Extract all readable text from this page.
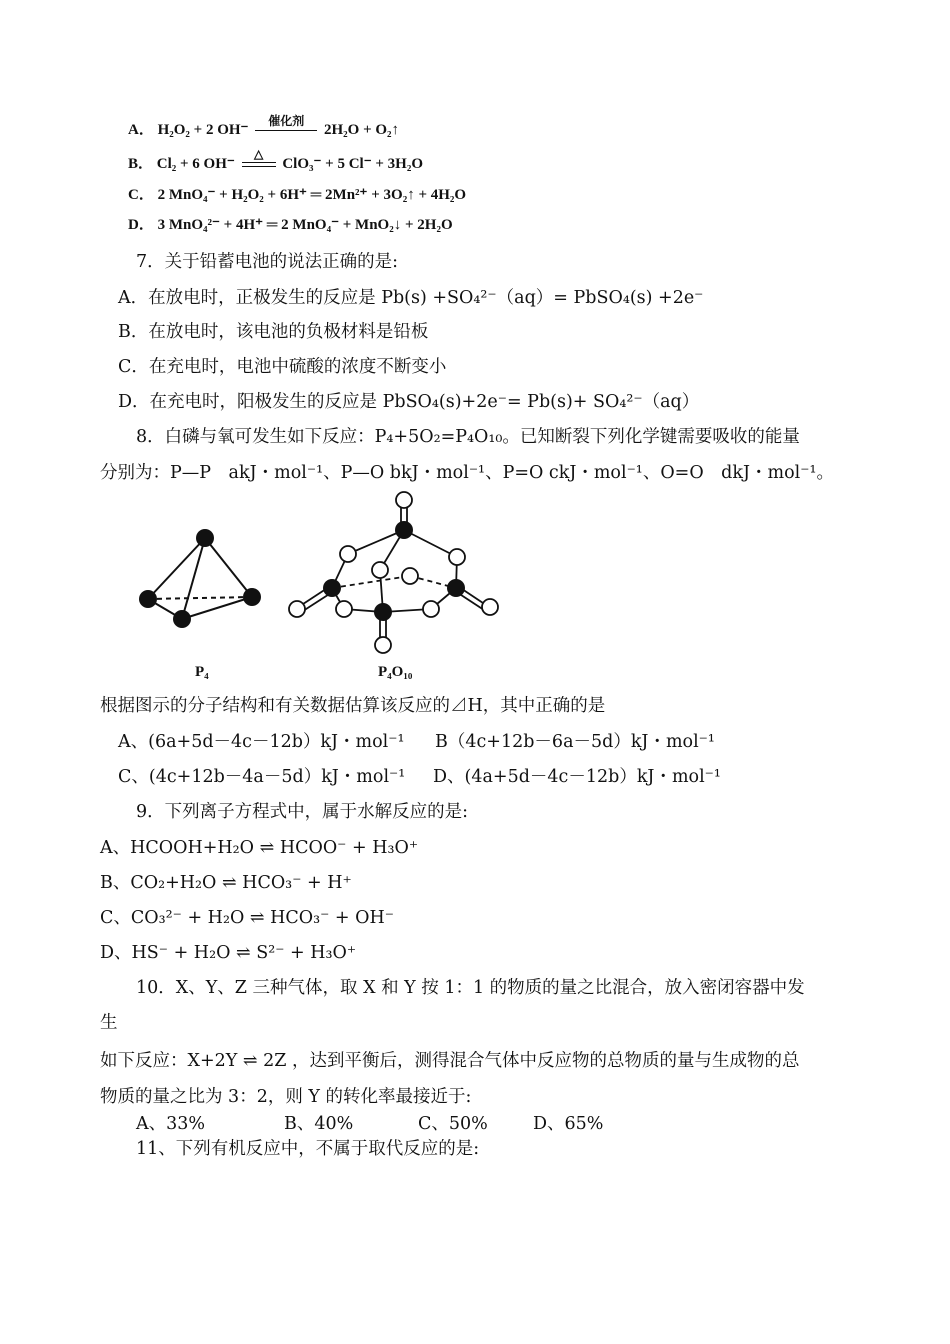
A． H₂O₂ + 2 OH⁻
催化剂
2H₂O + O₂↑
B． Cl₂ + 6 OH⁻
△
ClO₃⁻ + 5 Cl⁻ + 3H₂O
C． 2 MnO₄⁻ + H₂O₂ + 6H⁺ ═ 2Mn²⁺ + 3O₂↑ + 4H₂O
D． 3 MnO₄²⁻ + 4H⁺ ═ 2 MnO₄⁻ + MnO₂↓ + 2H₂O
7．关于铅蓄电池的说法正确的是:
A．在放电时，正极发生的反应是 Pb(s) +SO₄²⁻（aq）= PbSO₄(s) +2e⁻
B．在放电时，该电池的负极材料是铅板
C．在充电时，电池中硫酸的浓度不断变小
D．在充电时，阳极发生的反应是 PbSO₄(s)+2e⁻= Pb(s)+ SO₄²⁻（aq）
8．白磷与氧可发生如下反应：P₄+5O₂=P₄O₁₀。已知断裂下列化学键需要吸收的能量
分别为：P—P　akJ・mol⁻¹、P—O bkJ・mol⁻¹、P=O ckJ・mol⁻¹、O=O　dkJ・mol⁻¹。
P₄	P₄O₁₀
根据图示的分子结构和有关数据估算该反应的⊿H，其中正确的是
A、(6a+5d－4c－12b）kJ・mol⁻¹ B（4c+12b－6a－5d）kJ・mol⁻¹
C、(4c+12b－4a－5d）kJ・mol⁻¹ D、(4a+5d－4c－12b）kJ・mol⁻¹
9．下列离子方程式中，属于水解反应的是:
A、HCOOH+H₂O ⇌ HCOO⁻ + H₃O⁺
B、CO₂+H₂O ⇌ HCO₃⁻ + H⁺
C、CO₃²⁻ + H₂O ⇌ HCO₃⁻ + OH⁻
D、HS⁻ + H₂O ⇌ S²⁻ + H₃O⁺
10．X、Y、Z 三种气体，取 X 和 Y 按 1：1 的物质的量之比混合，放入密闭容器中发
生
如下反应：X+2Y ⇌ 2Z ，达到平衡后，测得混合气体中反应物的总物质的量与生成物的总
物质的量之比为 3：2，则 Y 的转化率最接近于:
A、33%	B、40%	C、50%	D、65%
11、下列有机反应中，不属于取代反应的是:
